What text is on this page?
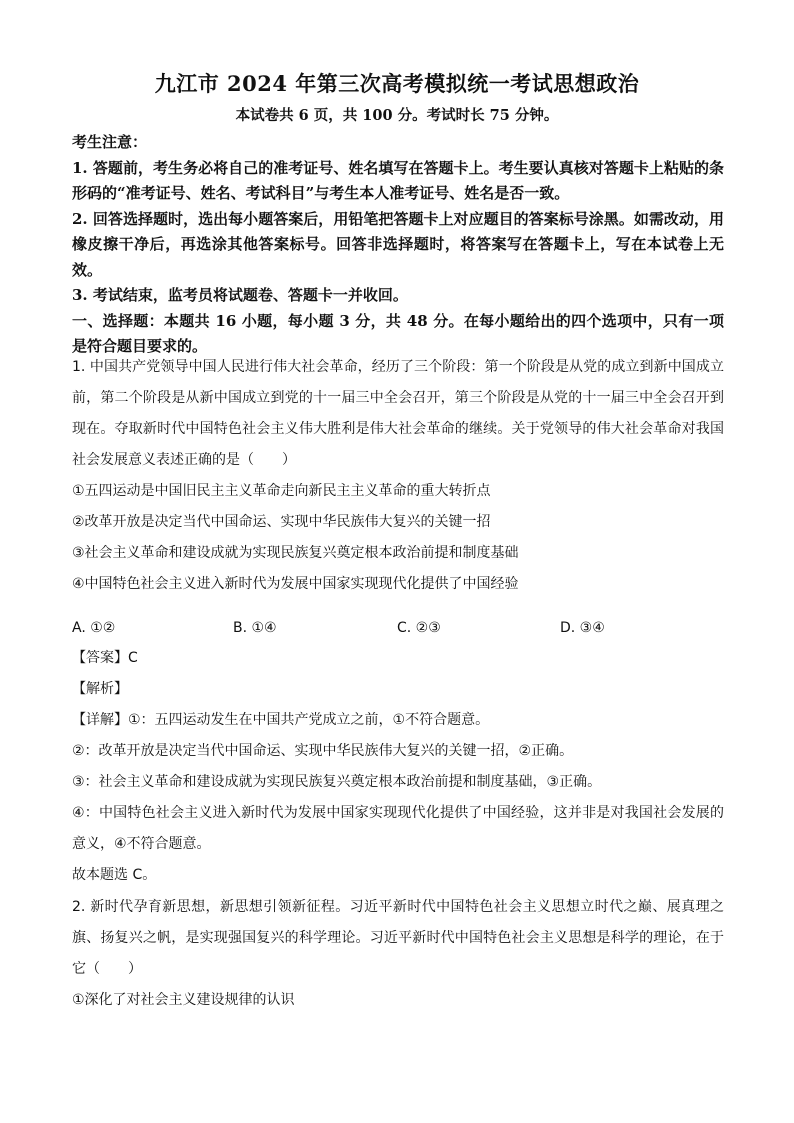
九江市 2024 年第三次高考模拟统一考试思想政治
本试卷共 6 页，共 100 分。考试时长 75 分钟。

考生注意：

1. 答题前，考生务必将自己的准考证号、姓名填写在答题卡上。考生要认真核对答题卡上粘贴的条形码的“准考证号、姓名、考试科目”与考生本人准考证号、姓名是否一致。

2. 回答选择题时，选出每小题答案后，用铅笔把答题卡上对应题目的答案标号涂黑。如需改动，用橡皮擦干净后，再选涂其他答案标号。回答非选择题时，将答案写在答题卡上，写在本试卷上无效。

3. 考试结束，监考员将试题卷、答题卡一并收回。

一、选择题：本题共 16 小题，每小题 3 分，共 48 分。在每小题给出的四个选项中，只有一项是符合题目要求的。

1. 中国共产党领导中国人民进行伟大社会革命，经历了三个阶段：第一个阶段是从党的成立到新中国成立前，第二个阶段是从新中国成立到党的十一届三中全会召开，第三个阶段是从党的十一届三中全会召开到现在。夺取新时代中国特色社会主义伟大胜利是伟大社会革命的继续。关于党领导的伟大社会革命对我国社会发展意义表述正确的是（　　）

①五四运动是中国旧民主主义革命走向新民主主义革命的重大转折点

②改革开放是决定当代中国命运、实现中华民族伟大复兴的关键一招

③社会主义革命和建设成就为实现民族复兴奠定根本政治前提和制度基础

④中国特色社会主义进入新时代为发展中国家实现现代化提供了中国经验

A. ①②	B. ①④	C. ②③	D. ③④

【答案】C

【解析】

【详解】①：五四运动发生在中国共产党成立之前，①不符合题意。

②：改革开放是决定当代中国命运、实现中华民族伟大复兴的关键一招，②正确。

③：社会主义革命和建设成就为实现民族复兴奠定根本政治前提和制度基础，③正确。

④：中国特色社会主义进入新时代为发展中国家实现现代化提供了中国经验，这并非是对我国社会发展的意义，④不符合题意。

故本题选 C。

2. 新时代孕育新思想，新思想引领新征程。习近平新时代中国特色社会主义思想立时代之巅、展真理之旗、扬复兴之帆，是实现强国复兴的科学理论。习近平新时代中国特色社会主义思想是科学的理论，在于它（　　）

①深化了对社会主义建设规律的认识
